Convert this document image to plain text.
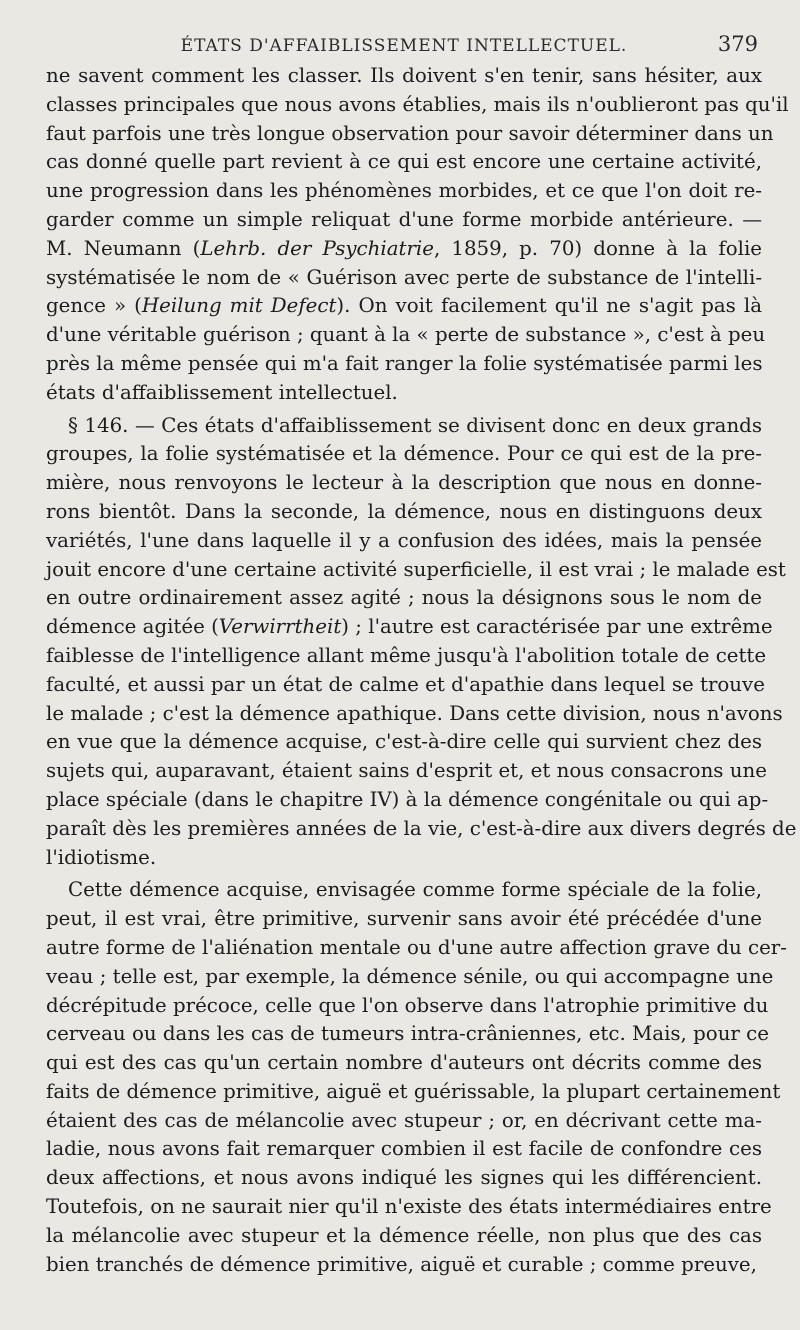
ÉTATS D'AFFAIBLISSEMENT INTELLECTUEL.	379

ne savent comment les classer. Ils doivent s'en tenir, sans hésiter, aux
classes principales que nous avons établies, mais ils n'oublieront pas qu'il
faut parfois une très longue observation pour savoir déterminer dans un
cas donné quelle part revient à ce qui est encore une certaine activité,
une progression dans les phénomènes morbides, et ce que l'on doit re-
garder comme un simple reliquat d'une forme morbide antérieure. —
M. Neumann (Lehrb. der Psychiatrie, 1859, p. 70) donne à la folie
systématisée le nom de « Guérison avec perte de substance de l'intelli-
gence » (Heilung mit Defect). On voit facilement qu'il ne s'agit pas là
d'une véritable guérison ; quant à la « perte de substance », c'est à peu
près la même pensée qui m'a fait ranger la folie systématisée parmi les
états d'affaiblissement intellectuel.

§ 146. — Ces états d'affaiblissement se divisent donc en deux grands
groupes, la folie systématisée et la démence. Pour ce qui est de la pre-
mière, nous renvoyons le lecteur à la description que nous en donne-
rons bientôt. Dans la seconde, la démence, nous en distinguons deux
variétés, l'une dans laquelle il y a confusion des idées, mais la pensée
jouit encore d'une certaine activité superficielle, il est vrai ; le malade est
en outre ordinairement assez agité ; nous la désignons sous le nom de
démence agitée (Verwirrtheit) ; l'autre est caractérisée par une extrême
faiblesse de l'intelligence allant même jusqu'à l'abolition totale de cette
faculté, et aussi par un état de calme et d'apathie dans lequel se trouve
le malade ; c'est la démence apathique. Dans cette division, nous n'avons
en vue que la démence acquise, c'est-à-dire celle qui survient chez des
sujets qui, auparavant, étaient sains d'esprit et, et nous consacrons une
place spéciale (dans le chapitre IV) à la démence congénitale ou qui ap-
paraît dès les premières années de la vie, c'est-à-dire aux divers degrés de
l'idiotisme.

Cette démence acquise, envisagée comme forme spéciale de la folie,
peut, il est vrai, être primitive, survenir sans avoir été précédée d'une
autre forme de l'aliénation mentale ou d'une autre affection grave du cer-
veau ; telle est, par exemple, la démence sénile, ou qui accompagne une
décrépitude précoce, celle que l'on observe dans l'atrophie primitive du
cerveau ou dans les cas de tumeurs intra-crâniennes, etc. Mais, pour ce
qui est des cas qu'un certain nombre d'auteurs ont décrits comme des
faits de démence primitive, aiguë et guérissable, la plupart certainement
étaient des cas de mélancolie avec stupeur ; or, en décrivant cette ma-
ladie, nous avons fait remarquer combien il est facile de confondre ces
deux affections, et nous avons indiqué les signes qui les différencient.
Toutefois, on ne saurait nier qu'il n'existe des états intermédiaires entre
la mélancolie avec stupeur et la démence réelle, non plus que des cas
bien tranchés de démence primitive, aiguë et curable ; comme preuve,
